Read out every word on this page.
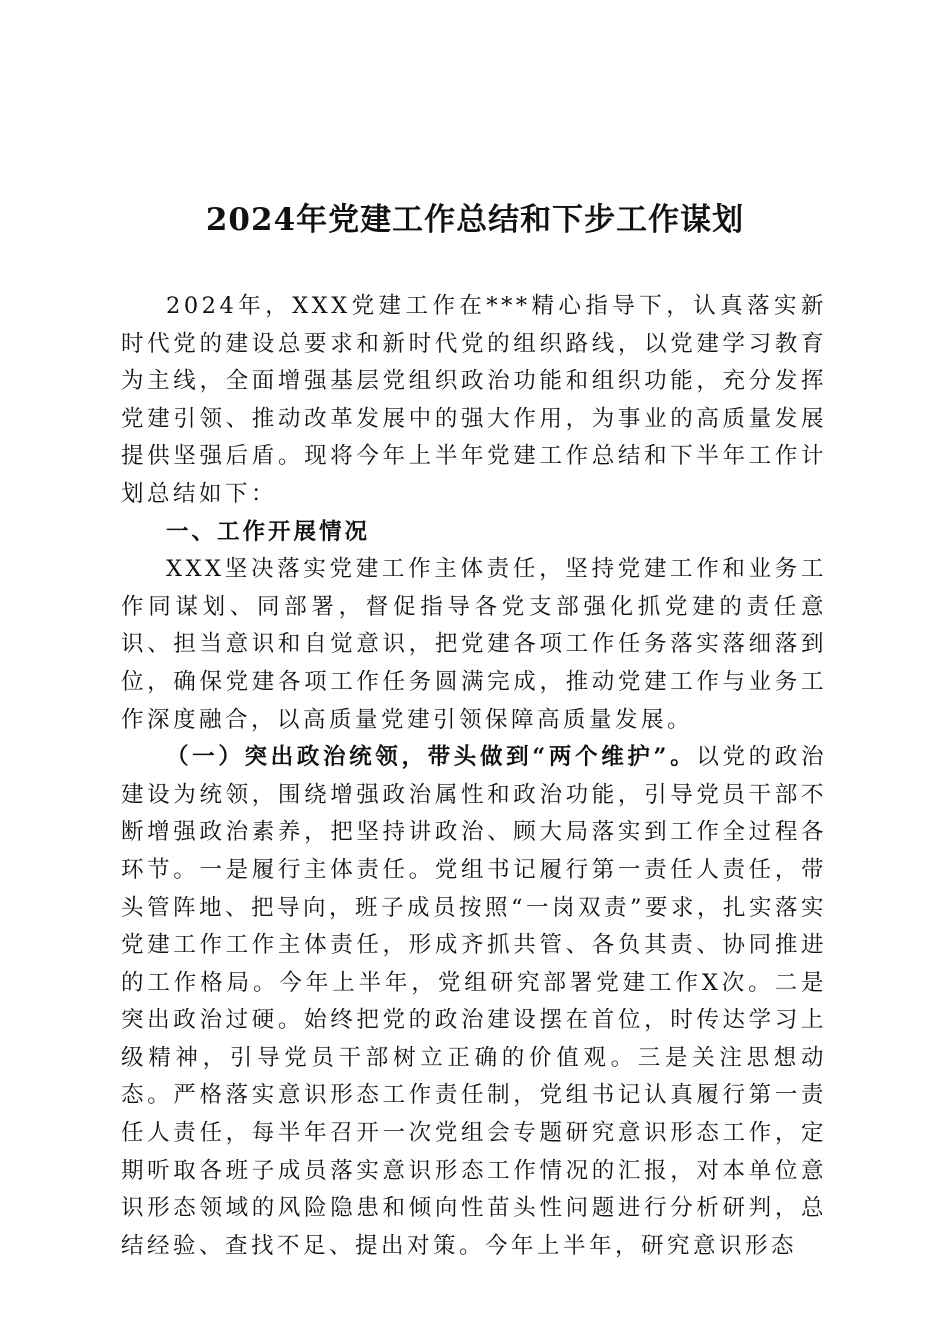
2024年党建工作总结和下步工作谋划

2024年，XXX党建工作在***精心指导下，认真落实新时代党的建设总要求和新时代党的组织路线，以党建学习教育为主线，全面增强基层党组织政治功能和组织功能，充分发挥党建引领、推动改革发展中的强大作用，为事业的高质量发展提供坚强后盾。现将今年上半年党建工作总结和下半年工作计划总结如下：

一、工作开展情况

XXX坚决落实党建工作主体责任，坚持党建工作和业务工作同谋划、同部署，督促指导各党支部强化抓党建的责任意识、担当意识和自觉意识，把党建各项工作任务落实落细落到位，确保党建各项工作任务圆满完成，推动党建工作与业务工作深度融合，以高质量党建引领保障高质量发展。

（一）突出政治统领，带头做到“两个维护”。以党的政治建设为统领，围绕增强政治属性和政治功能，引导党员干部不断增强政治素养，把坚持讲政治、顾大局落实到工作全过程各环节。一是履行主体责任。党组书记履行第一责任人责任，带头管阵地、把导向，班子成员按照“一岗双责”要求，扎实落实党建工作工作主体责任，形成齐抓共管、各负其责、协同推进的工作格局。今年上半年，党组研究部署党建工作X次。二是突出政治过硬。始终把党的政治建设摆在首位，时传达学习上级精神，引导党员干部树立正确的价值观。三是关注思想动态。严格落实意识形态工作责任制，党组书记认真履行第一责任人责任，每半年召开一次党组会专题研究意识形态工作，定期听取各班子成员落实意识形态工作情况的汇报，对本单位意识形态领域的风险隐患和倾向性苗头性问题进行分析研判，总结经验、查找不足、提出对策。今年上半年，研究意识形态
